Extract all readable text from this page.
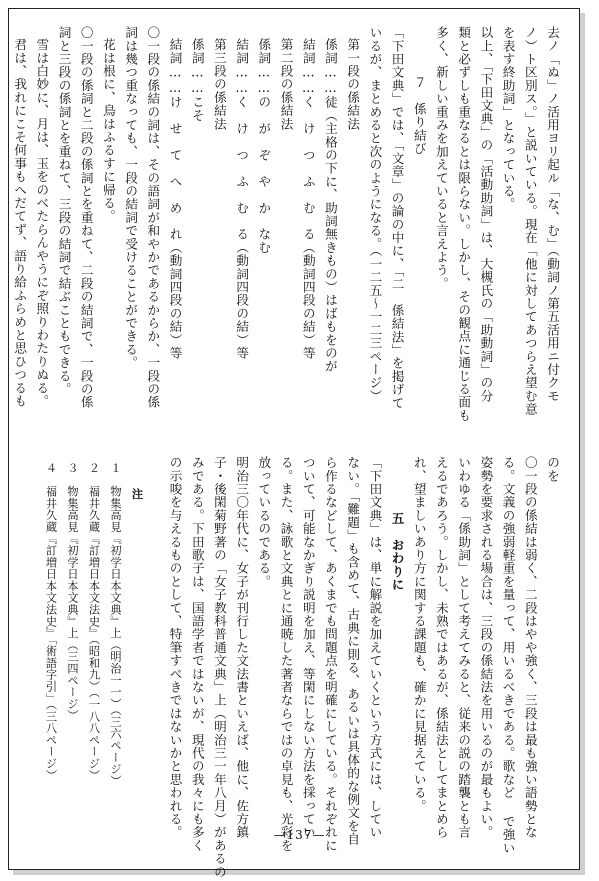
去ノ「ぬ」ノ活用ヨリ起ル「な、む」（動詞ノ第五活用ニ付クモ
ノ）ト区別ス。」と説いている。現在「他に対してあつらえ望む意
を表す終助詞」となっている。
以上、「下田文典」の「活動助詞」は、大槻氏の「助動詞」の分
類と必ずしも重なるとは限らない。しかし、その観点に通じる面も
多く、新しい重みを加えていると言えよう。
７　係り結び
「下田文典」では、「文章」の論の中に、「二　係結法」を掲げて
いるが、まとめると次のようになる。（一二五〜一二三ページ）
第一段の係結法
係詞……徒（主格の下に、助詞無きもの）はばもをのが
結詞……く　け　つ　ふ　む　る（動詞四段の結）等
第二段の係結法
係詞……の　が　ぞ　や　か　なむ
結詞……く　け　つ　ふ　む　る（動詞四段の結）等
第三段の係結法
係詞……こそ
結詞……け　せ　て　へ　め　れ（動詞四段の結）等
〇一段の係結の詞は、その語詞が和やかであるからか、一段の係
詞は幾つ重なっても、一段の結詞で受けることができる。
花は根に、鳥はふるすに帰る。
〇一段の係詞と二段の係詞とを重ねて、二段の結詞で、一段の係
詞と三段の係詞とを重ねて、三段の結詞で結ぶこともできる。
雪は白妙に、月は、玉をのべたらんやうにぞ照りわたりぬる。
君は、我れにこそ何事もへだてず、語り給ふらめと思ひつるも
のを
〇一段の係結は弱く、二段はやや強く、三段は最も強い語勢とな
る。文義の強弱軽重を量って、用いるべきである。歌など で強い
姿勢を要求される場合は、三段の係結法を用いるのが最もよい。
いわゆる「係助詞」として考えてみると、従来の説の踏襲とも言
えるであろう。しかし、未熟ではあるが、係結法としてまとめら
れ、望ましいあり方に関する課題も、確かに見据えている。
五　おわりに
「下田文典」は、単に解説を加えていくという方式には、してい
ない。「難題」も含めて、古典に則る、あるいは具体的な例文を自
ら作るなどして、あくまでも問題点を明確にしている。それぞれに
ついて、可能なかぎり説明を加え、等閑にしない方法を採ってい
る。また、詠歌と文典とに通暁した著者ならではの卓見も、光彩を
放っているのである。
明治三〇年代に、女子が刊行した文法書といえば、他に、佐方鎮
子・後閑菊野著の「女子教科普通文典」上（明治三一年八月）があるの
みである。下田歌子は、国語学者ではないが、現代の我々にも多く
の示唆を与えるものとして、特筆すべきではないかと思われる。
注
１　物集高見『初学日本文典』上（明治一一）（三六ページ）
２　福井久蔵『訂増日本文法史』（昭和九）（一八八ページ）
３　物集高見『初学日本文典』上（三四ページ）
４　福井久蔵『訂増日本文法史』「術語字引」（三八ページ）
—137—
